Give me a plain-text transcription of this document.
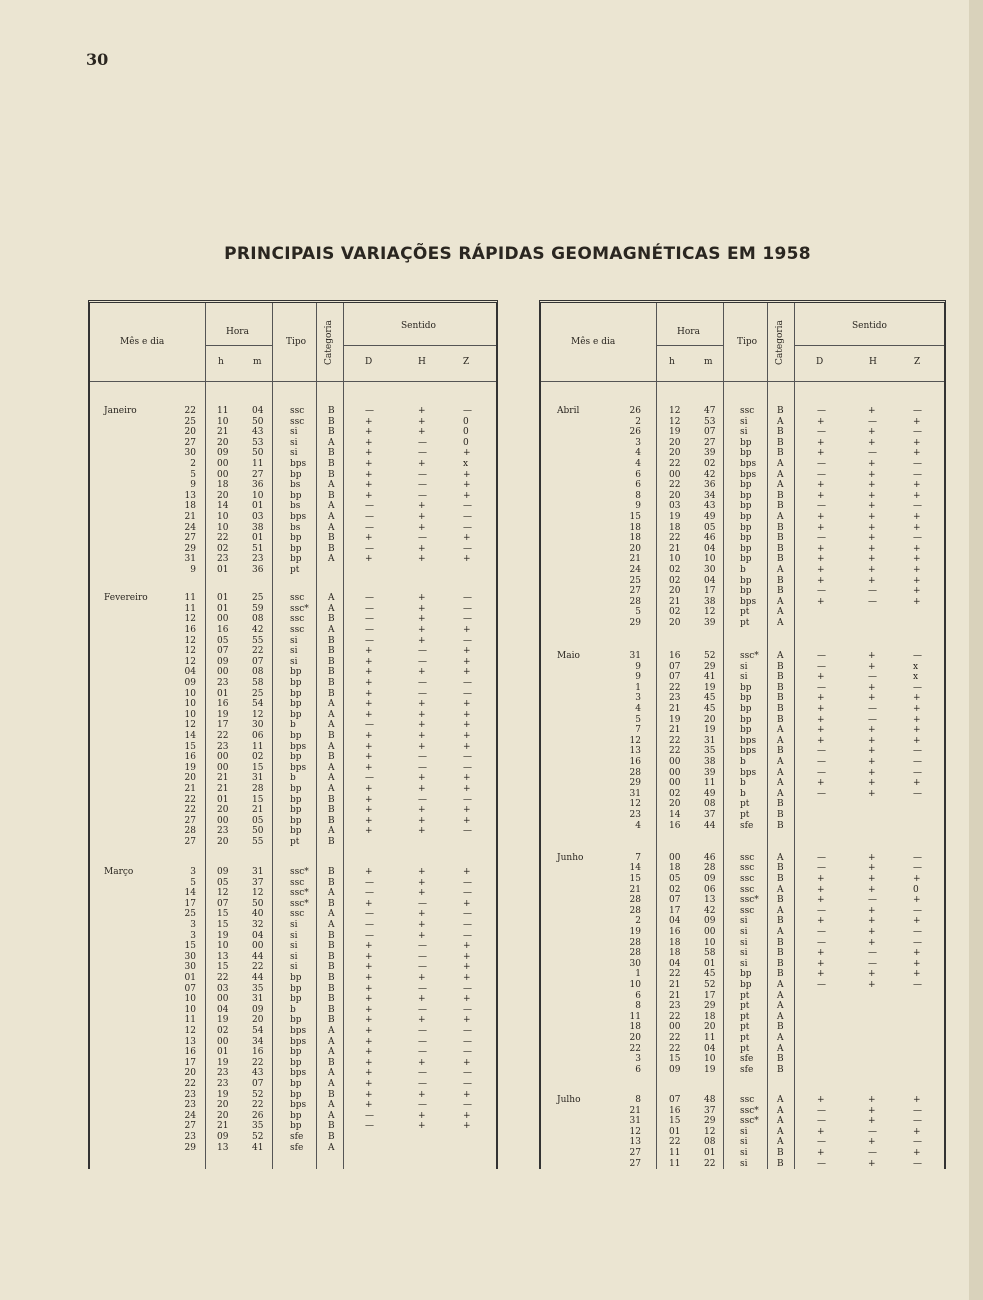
30
PRINCIPAIS VARIAÇÕES RÁPIDAS GEOMAGNÉTICAS EM 1958
Mês e dia
Hora
h	m
Tipo Categoria	Sentido
D	H	Z
Janeiro	22 11	04	ssc	B	—	+	—
25 10	50	ssc	B	+	+	0
20 21	43	si	B	+	+	0
27 20	53	si	A	+	—	0
30 09	50	si	B	+	—	+
2 00	11	bps B	+	+	x
5 00	27	bp	B	+	—	+
9 18	36	bs	A	+	—	+
13 20	10	bp	B	+	—	+
18 14	01	bs	A	—	+	—
21 10	03	bps A	—	+	—
24 10	38	bs	A	—	+	—
27 22	01	bp	B	+	—	+
29 02	51	bp	B	—	+	—
31 23	23	bp	A	+	+	+
9 01	36	pt
Fevereiro	11 01	25	ssc	A	—	+	—
11 01	59	ssc* A	—	+	—
12 00	08	ssc	B	—	+	—
16 16	42	ssc	A	—	+	+
12 05	55	si	B	—	+	—
12 07	22	si	B	+	—	+
12 09	07	si	B	+	—	+
04 00	08	bp	B	+	+	+
09 23	58	bp	B	+	—	—
10 01	25	bp	B	+	—	—
10 16	54	bp	A	+	+	+
10 19	12	bp	A	+	+	+
12 17	30	b	A	—	+	+
14 22	06	bp	B	+	+	+
15 23	11	bps A	+	+	+
16 00	02	bp	B	+	—	—
19 00	15	bps A	+	—	—
20 21	31	b	A	—	+	+
21 21	28	bp	A	+	+	+
22 01	15	bp	B	+	—	—
22 20	21	bp	B	+	+	+
27 00	05	bp	B	+	+	+
28 23	50	bp	A	+	+	—
27 20	55	pt	B
Março	3 09	31	ssc* B	+	+	+
5 05	37	ssc	B	—	+	—
14 12	12	ssc* A	—	+	—
17 07	50	ssc* B	+	—	+
25 15	40	ssc	A	—	+	—
3 15	32	si	A	—	+	—
3 19	04	si	B	—	+	—
15 10	00	si	B	+	—	+
30 13	44	si	B	+	—	+
30 15	22	si	B	+	—	+
01 22	44	bp	B	+	+	+
07 03	35	bp	B	+	—	—
10 00	31	bp	B	+	+	+
10 04	09	b	B	+	—	—
11 19	20	bp	B	+	+	+
12 02	54	bps A	+	—	—
13 00	34	bps A	+	—	—
16 01	16	bp	A	+	—	—
17 19	22	bp	B	+	+	+
20 23	43	bps A	+	—	—
22 23	07	bp	A	+	—	—
23 19	52	bp	B	+	+	+
23 20	22	bps A	+	—	—
24 20	26	bp	A	—	+	+
27 21	35	bp	B	—	+	+
23 09	52	sfe	B
29 13	41	sfe	A
Mês e dia
Hora
h	m
Tipo Categoria	Sentido
D	H	Z
Abril	26	12	47	ssc	B	—	+	—
2	12	53	si	A	+	—	+
26	19	07	si	B	—	+	—
3	20	27	bp	B	+	+	+
4	20	39	bp	B	+	—	+
4	22	02	bps A	—	+	—
6	00	42	bps A	—	+	—
6	22	36	bp	A	+	+	+
8	20	34	bp	B	+	+	+
9	03	43	bp	B	—	+	—
15	19	49	bp	A	+	+	+
18	18	05	bp	B	+	+	+
18	22	46	bp	B	—	+	—
20	21	04	bp	B	+	+	+
21	10	10	bp	B	+	+	+
24	02	30	b	A	+	+	+
25	02	04	bp	B	+	+	+
27	20	17	bp	B	—	—	+
28	21	38	bps A	+	—	+
5	02	12	pt	A
29	20	39	pt	A
Maio	31	16	52	ssc* A	—	+	—
9	07	29	si	B	—	+	x
9	07	41	si	B	+	—	x
1	22	19	bp	B	—	+	—
3	23	45	bp	B	+	+	+
4	21	45	bp	B	+	—	+
5	19	20	bp	B	+	—	+
7	21	19	bp	A	+	+	+
12	22	31	bps A	+	+	+
13	22	35	bps B	—	+	—
16	00	38	b	A	—	+	—
28	00	39	bps A	—	+	—
29	00	11	b	A	+	+	+
31	02	49	b	A	—	+	—
12	20	08	pt	B
23	14	37	pt	B
4	16	44	sfe	B
Junho	7	00	46	ssc	A	—	+	—
14	18	28	ssc	B	—	+	—
15	05	09	ssc	B	+	+	+
21	02	06	ssc	A	+	+	0
28	07	13	ssc* B	+	—	+
28	17	42	ssc	A	—	+	—
2	04	09	si	B	+	+	+
19	16	00	si	A	—	+	—
28	18	10	si	B	—	+	—
28	18	58	si	B	+	—	+
30	04	01	si	B	+	—	+
1	22	45	bp	B	+	+	+
10	21	52	bp	A	—	+	—
6	21	17	pt	A
8	23	29	pt	A
11	22	18	pt	A
18	00	20	pt	B
20	22	11	pt	A
22	22	04	pt	A
3	15	10	sfe	B
6	09	19	sfe	B
Julho	8	07	48	ssc	A	+	+	+
21	16	37	ssc* A	—	+	—
31	15	29	ssc* A	—	+	—
12	01	12	si	A	+	—	+
13	22	08	si	A	—	+	—
27	11	01	si	B	+	—	+
27	11	22	si	B	—	+	—
